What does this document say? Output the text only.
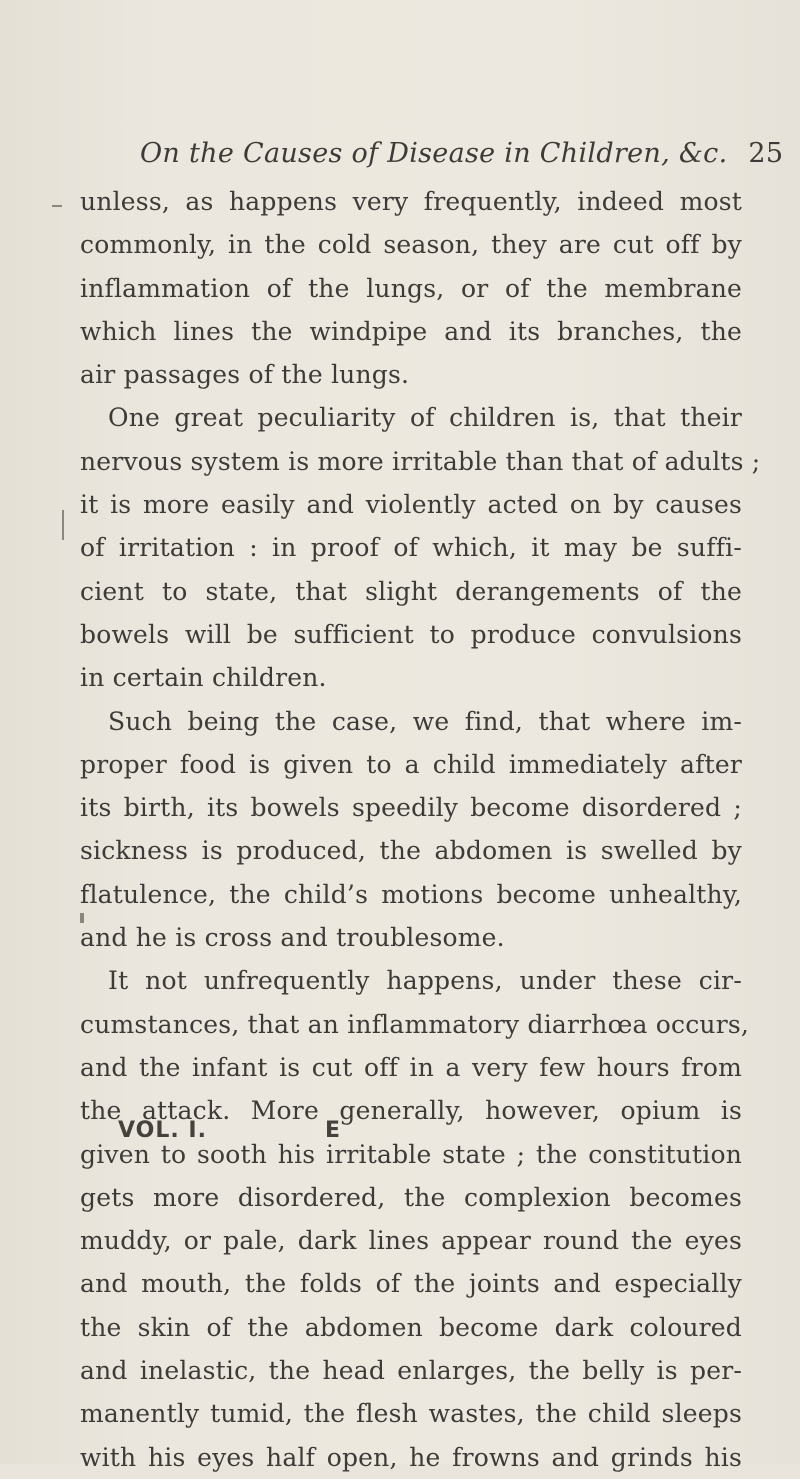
On the Causes of Disease in Children, &c. 25
unless, as happens very frequently, indeed most
commonly, in the cold season, they are cut off by
inflammation of the lungs, or of the membrane
which lines the windpipe and its branches, the
air passages of the lungs.
One great peculiarity of children is, that their
nervous system is more irritable than that of adults ;
it is more easily and violently acted on by causes
of irritation : in proof of which, it may be suffi-
cient to state, that slight derangements of the
bowels will be sufficient to produce convulsions
in certain children.
Such being the case, we find, that where im-
proper food is given to a child immediately after
its birth, its bowels speedily become disordered ;
sickness is produced, the abdomen is swelled by
flatulence, the child’s motions become unhealthy,
and he is cross and troublesome.
It not unfrequently happens, under these cir-
cumstances, that an inflammatory diarrhœa occurs,
and the infant is cut off in a very few hours from
the attack. More generally, however, opium is
given to sooth his irritable state ; the constitution
gets more disordered, the complexion becomes
muddy, or pale, dark lines appear round the eyes
and mouth, the folds of the joints and especially
the skin of the abdomen become dark coloured
and inelastic, the head enlarges, the belly is per-
manently tumid, the flesh wastes, the child sleeps
with his eyes half open, he frowns and grinds his
VOL. I.	E
